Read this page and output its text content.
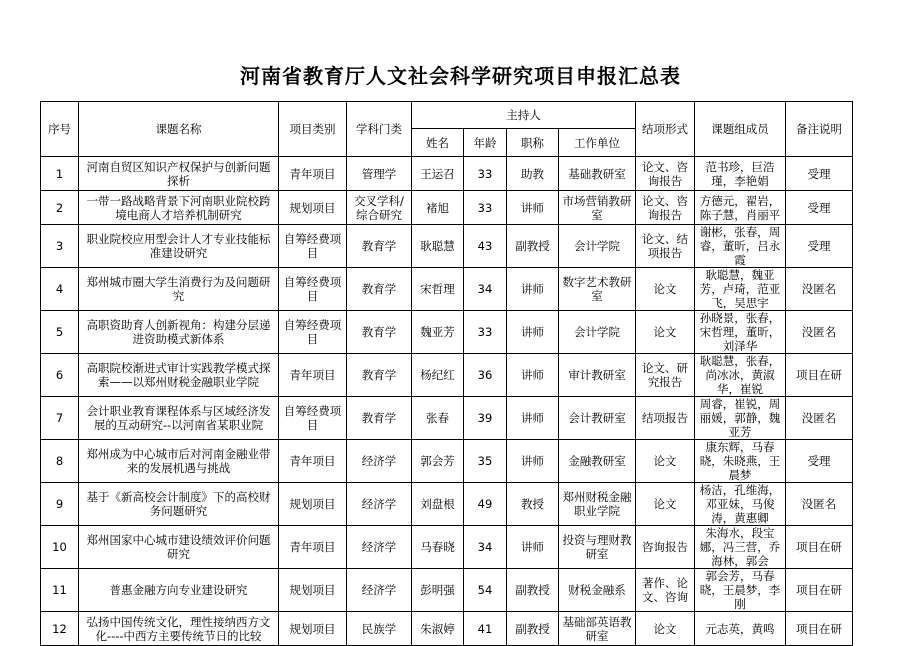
河南省教育厅人文社会科学研究项目申报汇总表
序号	课题名称	项目类别	学科门类	主持人				结项形式	课题组成员	备注说明
				姓名	年龄	职称	工作单位			
1	河南自贸区知识产权保护与创新问题探析	青年项目	管理学	王运召	33	助教	基础教研室	论文、咨询报告	范书珍，巨浩瑾，李艳娟	受理
2	一带一路战略背景下河南职业院校跨境电商人才培养机制研究	规划项目	交叉学科/综合研究	褚旭	33	讲师	市场营销教研室	论文、咨询报告	方德元，翟岩，陈子慧，肖丽平	受理
3	职业院校应用型会计人才专业技能标准建设研究	自筹经费项目	教育学	耿聪慧	43	副教授	会计学院	论文、结项报告	谢彬，张春，周睿，董昕，吕永霞	受理
4	郑州城市圈大学生消费行为及问题研究	自筹经费项目	教育学	宋哲理	34	讲师	数字艺术教研室	论文	耿聪慧，魏亚芳，卢琦，范亚飞，吴思宇	没匿名
5	高职资助育人创新视角：构建分层递进资助模式新体系	自筹经费项目	教育学	魏亚芳	33	讲师	会计学院	论文	孙晓景，张春，宋哲理，董昕，刘泽华	没匿名
6	高职院校渐进式审计实践教学模式探索——以郑州财税金融职业学院	青年项目	教育学	杨纪红	36	讲师	审计教研室	论文、研究报告	耿聪慧，张春，尚冰冰，黄淑华，崔锐	项目在研
7	会计职业教育课程体系与区域经济发展的互动研究--以河南省某职业院	自筹经费项目	教育学	张春	39	讲师	会计教研室	结项报告	周睿，崔锐，周丽媛，郭静，魏亚芳	没匿名
8	郑州成为中心城市后对河南金融业带来的发展机遇与挑战	青年项目	经济学	郭会芳	35	讲师	金融教研室	论文	康东辉，马春晓，朱晓燕，王晨梦	受理
9	基于《新高校会计制度》下的高校财务问题研究	规划项目	经济学	刘盘根	49	教授	郑州财税金融职业学院	论文	杨洁，孔维海，邓亚妹，马俊涛，黄惠卿	没匿名
10	郑州国家中心城市建设绩效评价问题研究	青年项目	经济学	马春晓	34	讲师	投资与理财教研室	咨询报告	朱海水，段宝娜，冯三营，乔海林，郭会	项目在研
11	普惠金融方向专业建设研究	规划项目	经济学	彭明强	54	副教授	财税金融系	著作、论文、咨询	郭会芳，马春晓，王晨梦，李刚	项目在研
12	弘扬中国传统文化，理性接纳西方文化----中西方主要传统节日的比较	规划项目	民族学	朱淑婷	41	副教授	基础部英语教研室	论文	元志英，黄鸣	项目在研
